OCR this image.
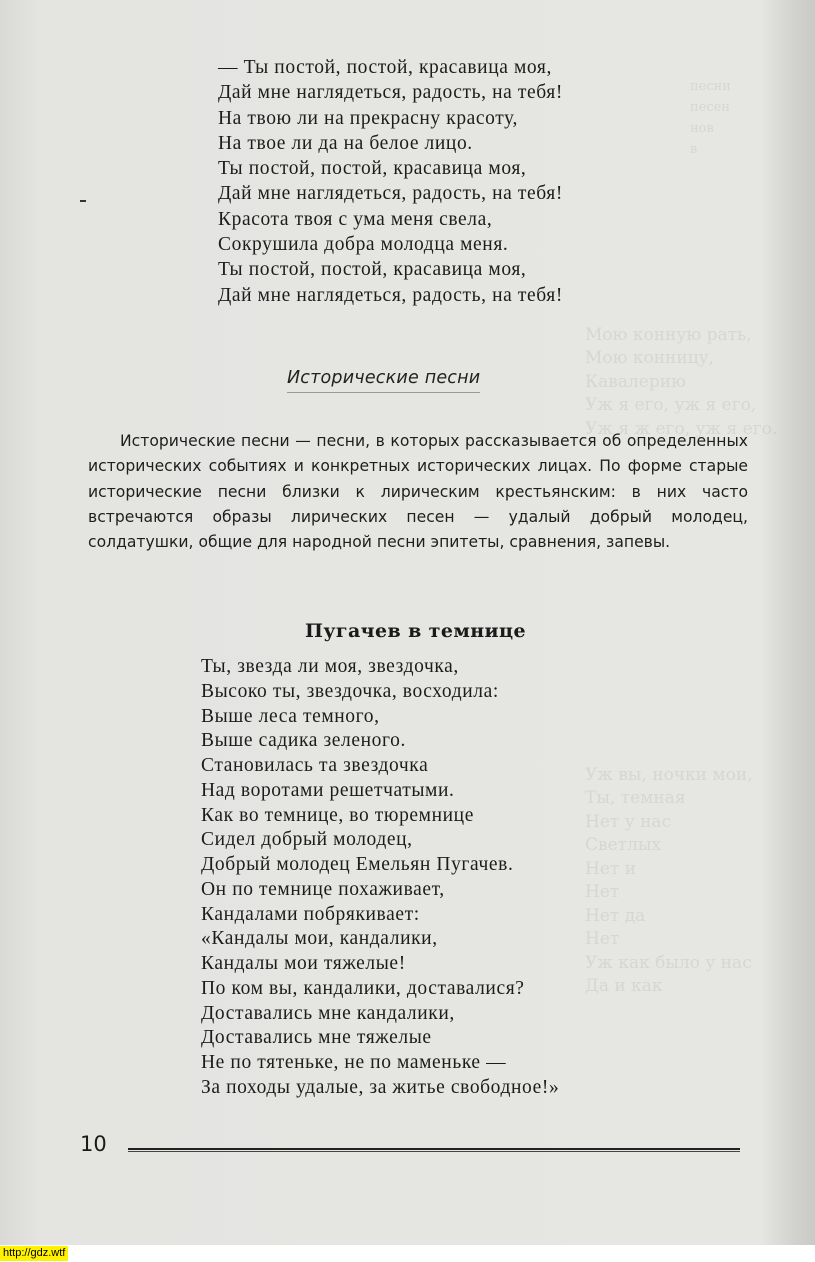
песни
песен
нов
в

Мою конную рать,
Мою конницу,
Кавалерию
Уж я его, уж я его,
Уж я ж его, уж я его.

Уж вы, ночки мои,
Ты, темная
Нет у нас
Светлых
Нет и
Нет
Нет да
Нет
Уж как было у нас
Да и как
— Ты постой, постой, красавица моя,
Дай мне наглядеться, радость, на тебя!
На твою ли на прекрасну красоту,
На твое ли да на белое лицо.
Ты постой, постой, красавица моя,
Дай мне наглядеться, радость, на тебя!
Красота твоя с ума меня свела,
Сокрушила добра молодца меня.
Ты постой, постой, красавица моя,
Дай мне наглядеться, радость, на тебя!
Исторические песни

Исторические песни — песни, в которых рассказывается об определенных исторических событиях и конкретных исторических лицах. По форме старые исторические песни близки к лирическим крестьянским: в них часто встречаются образы лирических песен — удалый добрый молодец, солдатушки, общие для народной песни эпитеты, сравнения, запевы.

Пугачев в темнице
Ты, звезда ли моя, звездочка,
Высоко ты, звездочка, восходила:
Выше леса темного,
Выше садика зеленого.
Становилась та звездочка
Над воротами решетчатыми.
Как во темнице, во тюремнице
Сидел добрый молодец,
Добрый молодец Емельян Пугачев.
Он по темнице похаживает,
Кандалами побрякивает:
«Кандалы мои, кандалики,
Кандалы мои тяжелые!
По ком вы, кандалики, доставалися?
Доставались мне кандалики,
Доставались мне тяжелые
Не по тятеньке, не по маменьке —
За походы удалые, за житье свободное!»
10
http://gdz.wtf
